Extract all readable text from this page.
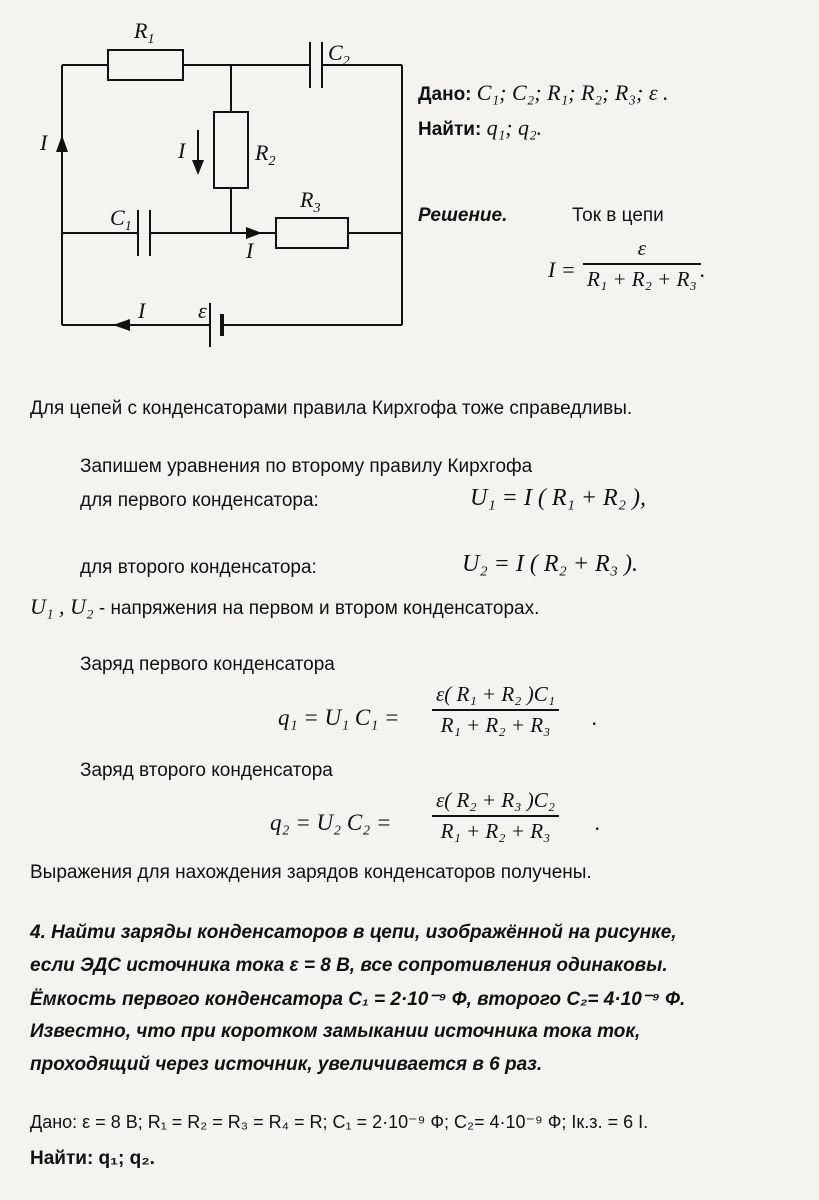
$R_1$
$C_2$
$R_2$
$R_3$
$C_1$
ε
I	I
I
I
Дано: C₁; C₂; R₁; R₂; R₃; ε .
Найти: q₁; q₂.
Решение.	Ток в цепи
I =
ε
R₁ + R₂ + R₃ .
Для цепей с конденсаторами правила Кирхгофа тоже справедливы.
Запишем уравнения по второму правилу Кирхгофа
для первого конденсатора:	U₁ = I ( R₁ + R₂ ),
для второго конденсатора:	U₂ = I ( R₂ + R₃ ).
U₁ , U₂ - напряжения на первом и втором конденсаторах.
Заряд первого конденсатора
q₁ = U₁ C₁ =
ε( R₁ + R₂ )C₁
R₁ + R₂ + R₃ .
Заряд второго конденсатора
q₂ = U₂ C₂ =
ε( R₂ + R₃ )C₂
R₁ + R₂ + R₃ .
Выражения для нахождения зарядов конденсаторов получены.
4. Найти заряды конденсаторов в цепи, изображённой на рисунке,
если ЭДС источника тока ε = 8 В, все сопротивления одинаковы.
Ёмкость первого конденсатора C₁ = 2·10⁻⁹ Ф, второго C₂= 4·10⁻⁹ Ф.
Известно, что при коротком замыкании источника тока ток,
проходящий через источник, увеличивается в 6 раз.
Дано: ε = 8 В; R₁ = R₂ = R₃ = R₄ = R; C₁ = 2·10⁻⁹ Ф; C₂= 4·10⁻⁹ Ф; Iк.з. = 6 I.
Найти: q₁; q₂.
